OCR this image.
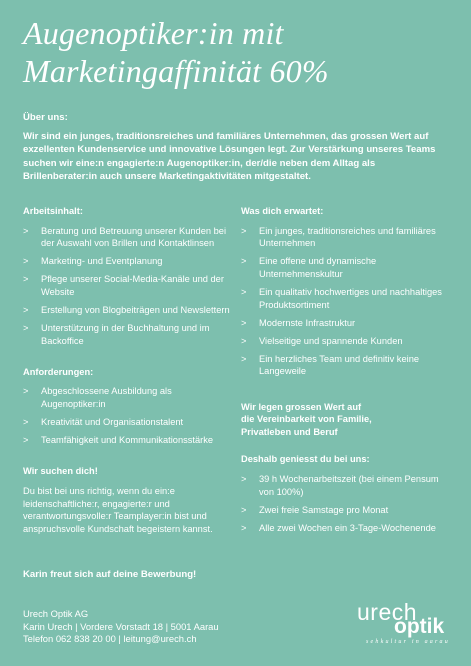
Augenoptiker:in mit
Marketingaffinität 60%
Über uns:
Wir sind ein junges, traditionsreiches und familiäres Unternehmen, das grossen Wert auf exzellenten Kundenservice und innovative Lösungen legt. Zur Verstärkung unseres Teams suchen wir eine:n engagierte:n Augenoptiker:in, der/die neben dem Alltag als Brillenberater:in auch unsere Marketingaktivitäten mitgestaltet.
Arbeitsinhalt:
> Beratung und Betreuung unserer Kunden bei der Auswahl von Brillen und Kontaktlinsen
> Marketing- und Eventplanung
> Pflege unserer Social-Media-Kanäle und der Website
> Erstellung von Blogbeiträgen und Newslettern
> Unterstützung in der Buchhaltung und im Backoffice
Anforderungen:
> Abgeschlossene Ausbildung als Augenoptiker:in
> Kreativität und Organisationstalent
> Teamfähigkeit und Kommunikationsstärke
Wir suchen dich!

Du bist bei uns richtig, wenn du ein:e leidenschaftliche:r, engagierte:r und verantwortungsvolle:r Teamplayer:in bist und anspruchsvolle Kundschaft begeistern kannst.

Was dich erwartet:
> Ein junges, traditionsreiches und familiäres Unternehmen
> Eine offene und dynamische Unternehmenskultur
> Ein qualitativ hochwertiges und nachhaltiges Produktsortiment
> Modernste Infrastruktur
> Vielseitige und spannende Kunden
> Ein herzliches Team und definitiv keine Langeweile
Wir legen grossen Wert auf
die Vereinbarkeit von Familie,
Privatleben und Beruf
Deshalb geniesst du bei uns:
> 39 h Wochenarbeitszeit (bei einem Pensum von 100%)
> Zwei freie Samstage pro Monat
> Alle zwei Wochen ein 3-Tage-Wochenende
Karin freut sich auf deine Bewerbung!
Urech Optik AG
Karin Urech | Vordere Vorstadt 18 | 5001 Aarau
Telefon 062 838 20 00 | leitung@urech.ch
urech
optik
sehkultur in aarau
